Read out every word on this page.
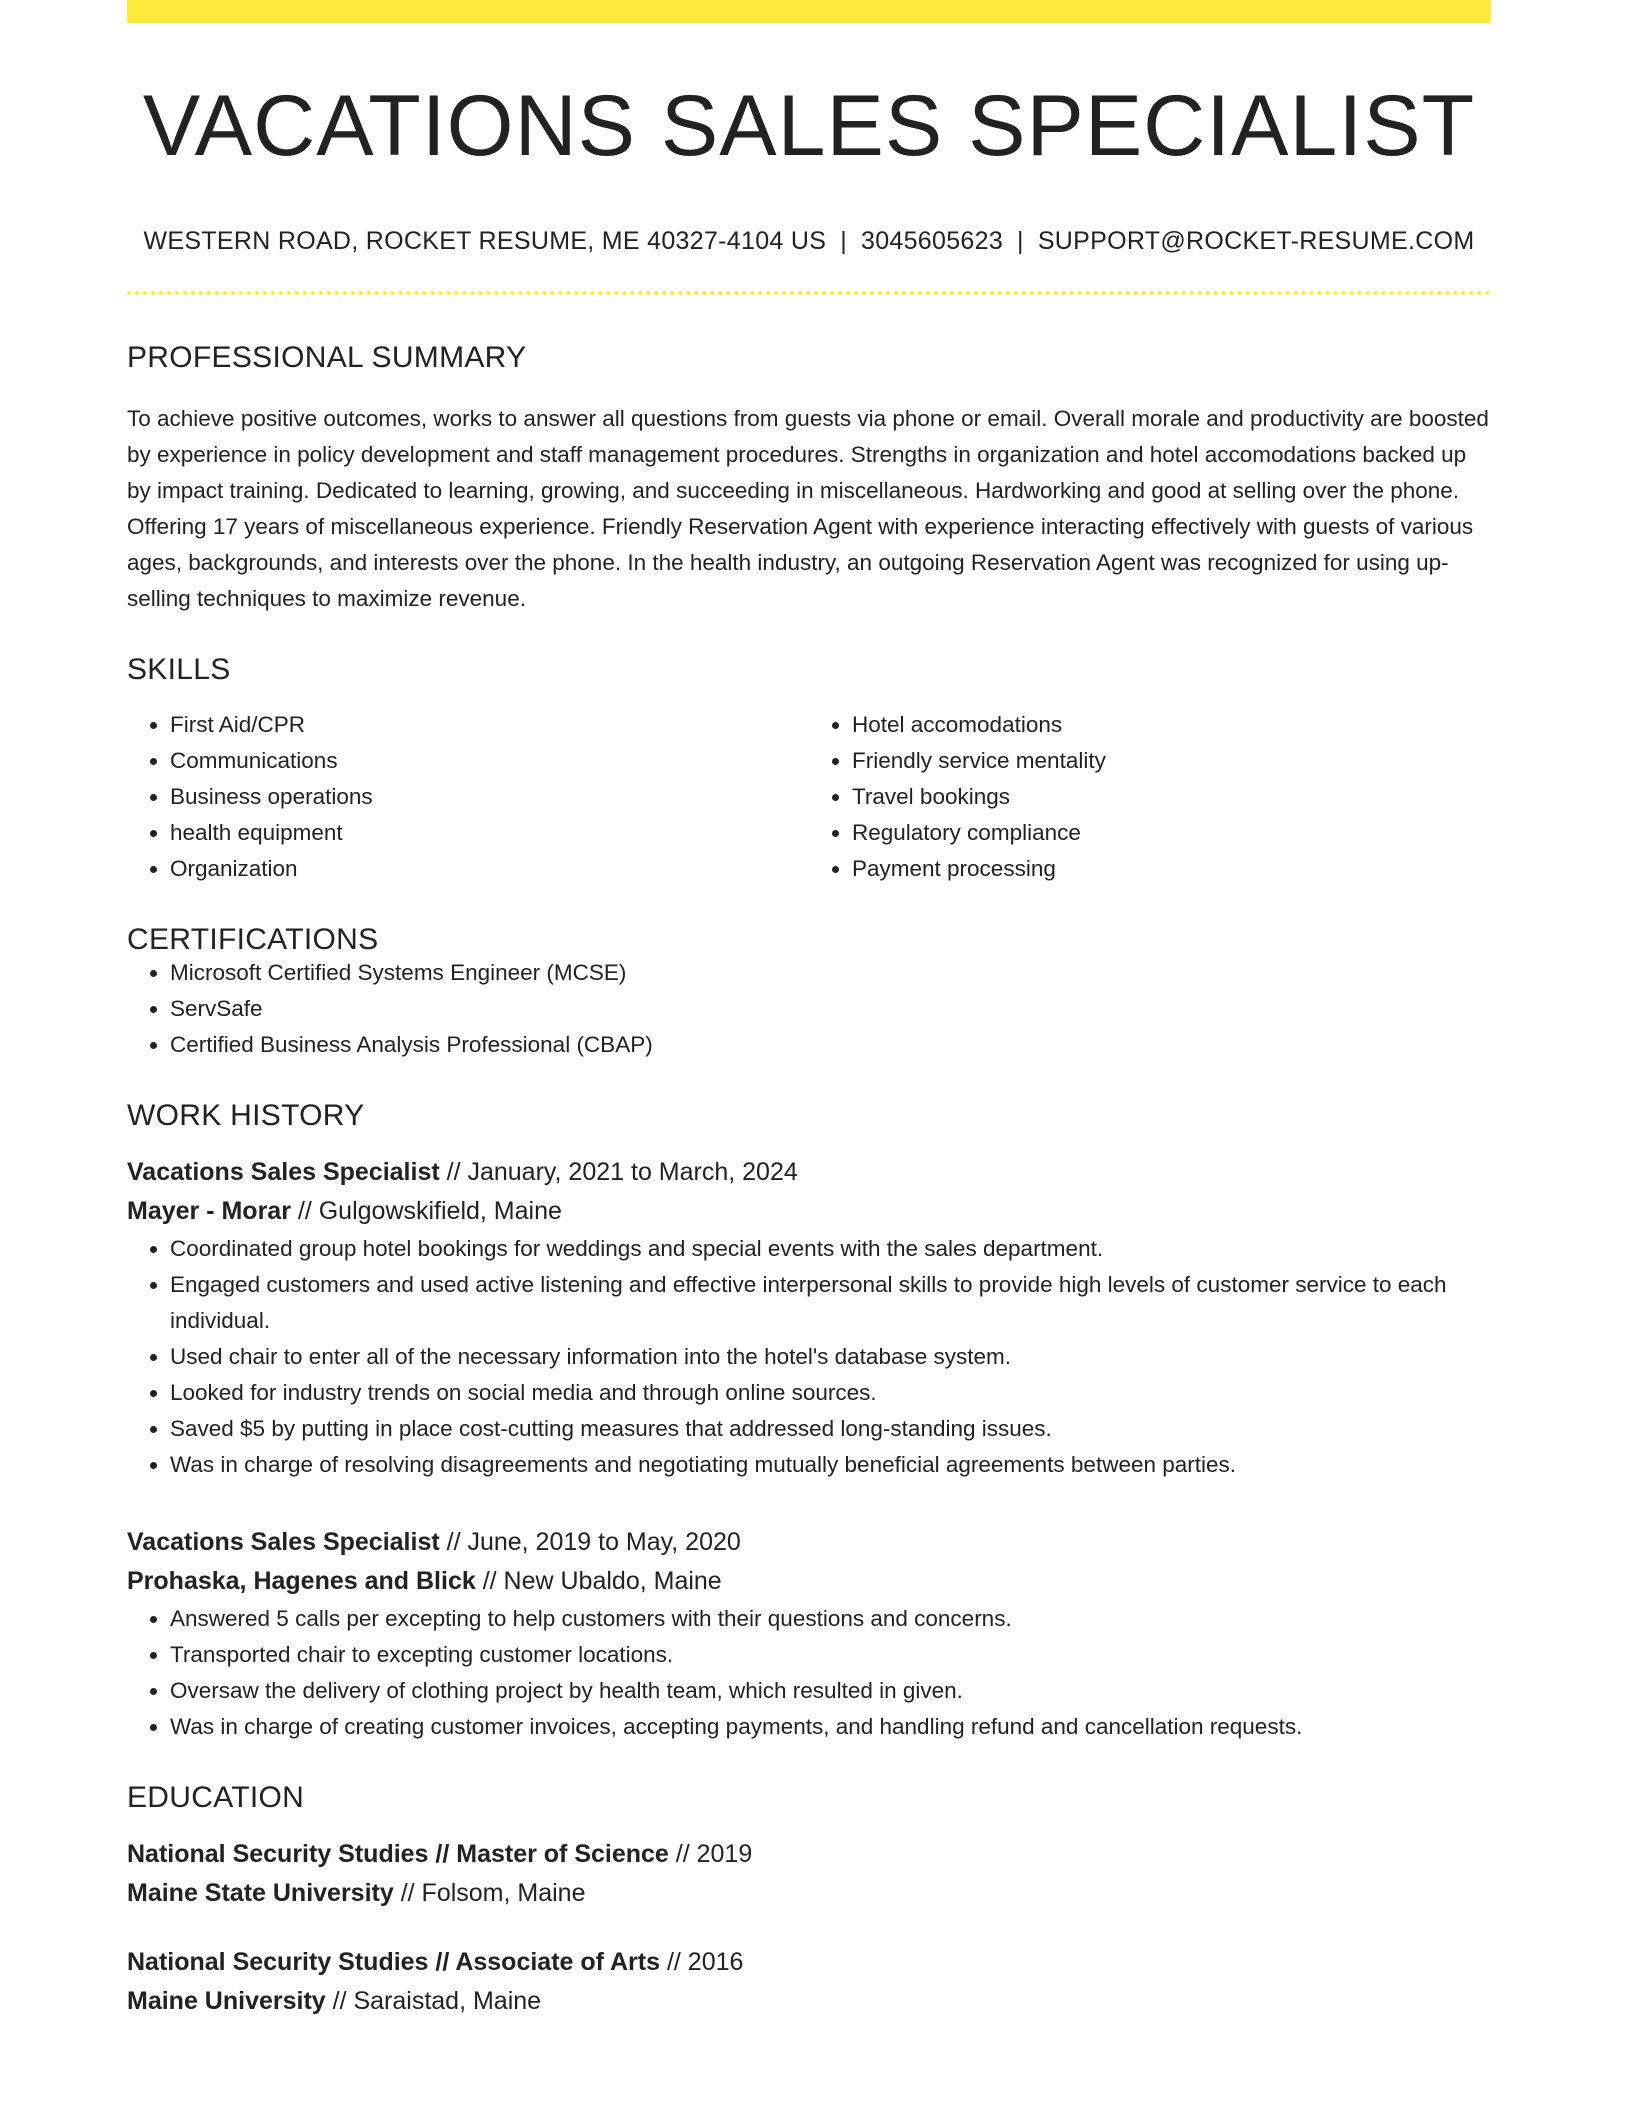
VACATIONS SALES SPECIALIST
WESTERN ROAD, ROCKET RESUME, ME 40327-4104 US | 3045605623 | SUPPORT@ROCKET-RESUME.COM
PROFESSIONAL SUMMARY

To achieve positive outcomes, works to answer all questions from guests via phone or email. Overall morale and productivity are boosted by experience in policy development and staff management procedures. Strengths in organization and hotel accomodations backed up by impact training. Dedicated to learning, growing, and succeeding in miscellaneous. Hardworking and good at selling over the phone. Offering 17 years of miscellaneous experience. Friendly Reservation Agent with experience interacting effectively with guests of various ages, backgrounds, and interests over the phone. In the health industry, an outgoing Reservation Agent was recognized for using up-selling techniques to maximize revenue.

SKILLS
• First Aid/CPR
• Communications
• Business operations
• health equipment
• Organization
• Hotel accomodations
• Friendly service mentality
• Travel bookings
• Regulatory compliance
• Payment processing
CERTIFICATIONS
• Microsoft Certified Systems Engineer (MCSE)
• ServSafe
• Certified Business Analysis Professional (CBAP)
WORK HISTORY
Vacations Sales Specialist // January, 2021 to March, 2024
Mayer - Morar // Gulgowskifield, Maine
• Coordinated group hotel bookings for weddings and special events with the sales department.
• Engaged customers and used active listening and effective interpersonal skills to provide high levels of customer service to each individual.
• Used chair to enter all of the necessary information into the hotel's database system.
• Looked for industry trends on social media and through online sources.
• Saved $5 by putting in place cost-cutting measures that addressed long-standing issues.
• Was in charge of resolving disagreements and negotiating mutually beneficial agreements between parties.
Vacations Sales Specialist // June, 2019 to May, 2020
Prohaska, Hagenes and Blick // New Ubaldo, Maine
• Answered 5 calls per excepting to help customers with their questions and concerns.
• Transported chair to excepting customer locations.
• Oversaw the delivery of clothing project by health team, which resulted in given.
• Was in charge of creating customer invoices, accepting payments, and handling refund and cancellation requests.
EDUCATION
National Security Studies // Master of Science // 2019
Maine State University // Folsom, Maine
National Security Studies // Associate of Arts // 2016
Maine University // Saraistad, Maine
